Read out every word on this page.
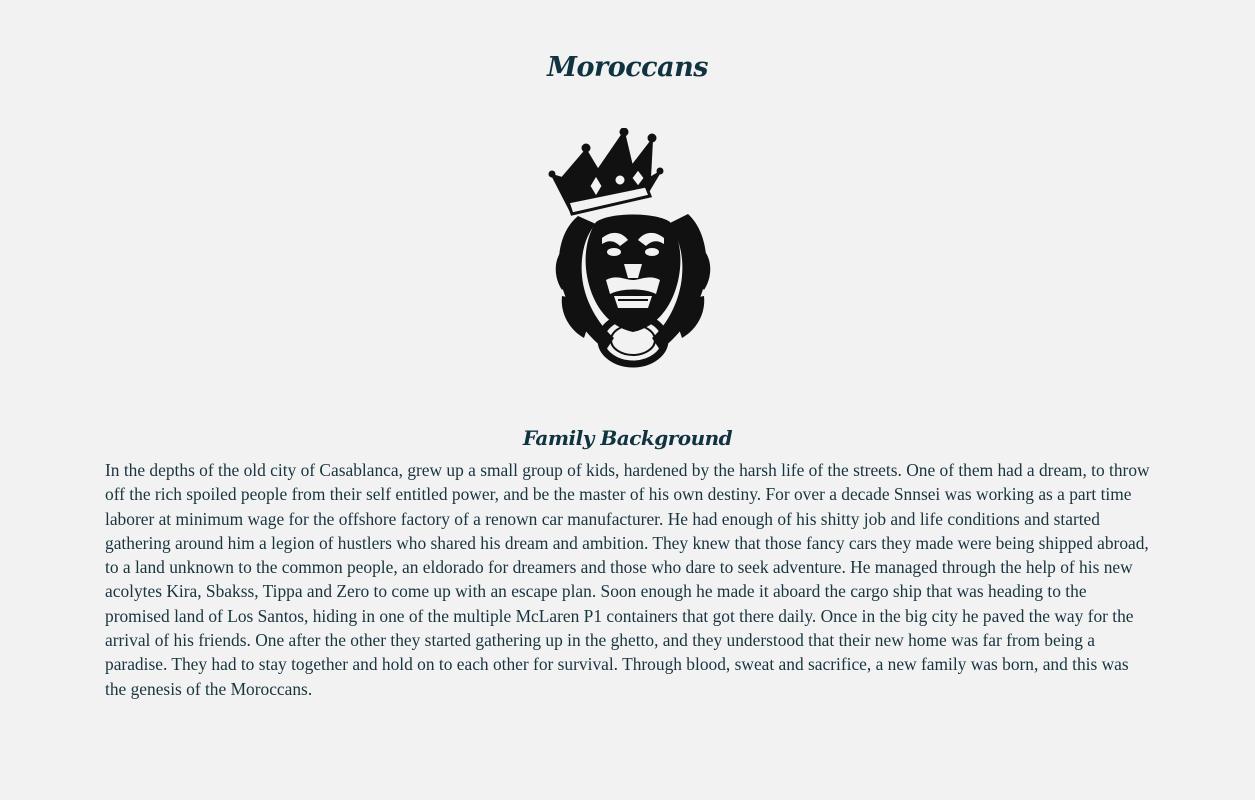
Moroccans
Family Background

In the depths of the old city of Casablanca, grew up a small group of kids, hardened by the harsh life of the streets. One of them had a dream, to throw off the rich spoiled people from their self entitled power, and be the master of his own destiny. For over a decade Snnsei was working as a part time laborer at minimum wage for the offshore factory of a renown car manufacturer. He had enough of his shitty job and life conditions and started gathering around him a legion of hustlers who shared his dream and ambition. They knew that those fancy cars they made were being shipped abroad, to a land unknown to the common people, an eldorado for dreamers and those who dare to seek adventure. He managed through the help of his new acolytes Kira, Sbakss, Tippa and Zero to come up with an escape plan. Soon enough he made it aboard the cargo ship that was heading to the promised land of Los Santos, hiding in one of the multiple McLaren P1 containers that got there daily. Once in the big city he paved the way for the arrival of his friends. One after the other they started gathering up in the ghetto, and they understood that their new home was far from being a paradise. They had to stay together and hold on to each other for survival. Through blood, sweat and sacrifice, a new family was born, and this was the genesis of the Moroccans.
